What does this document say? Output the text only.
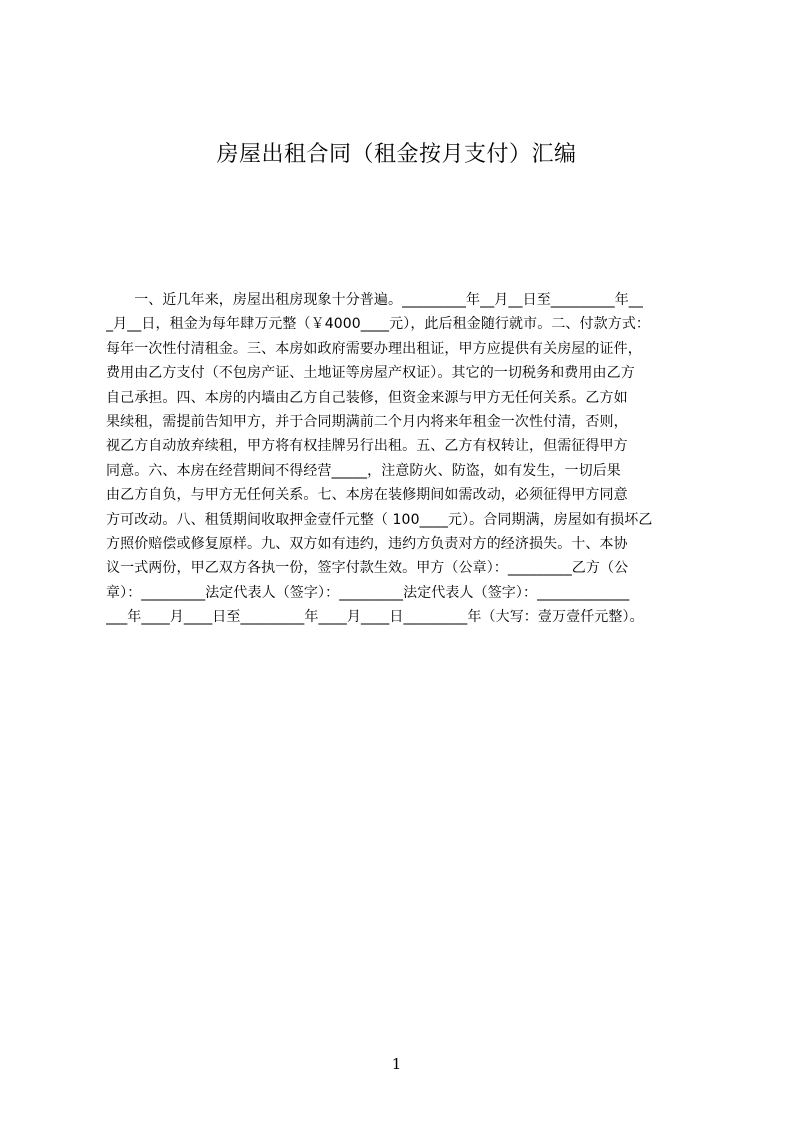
房屋出租合同（租金按月支付）汇编
　　一、近几年来，房屋出租房现象十分普遍。_________年__月__日至_________年__
_月__日，租金为每年肆万元整（￥4000____元），此后租金随行就市。二、付款方式：
每年一次性付清租金。三、本房如政府需要办理出租证，甲方应提供有关房屋的证件，
费用由乙方支付（不包房产证、土地证等房屋产权证）。其它的一切税务和费用由乙方
自己承担。四、本房的内墙由乙方自己装修，但资金来源与甲方无任何关系。乙方如
果续租，需提前告知甲方，并于合同期满前二个月内将来年租金一次性付清，否则，
视乙方自动放弃续租，甲方将有权挂牌另行出租。五、乙方有权转让，但需征得甲方
同意。六、本房在经营期间不得经营_____，注意防火、防盗，如有发生，一切后果
由乙方自负，与甲方无任何关系。七、本房在装修期间如需改动，必须征得甲方同意
方可改动。八、租赁期间收取押金壹仟元整（ 100____元）。合同期满，房屋如有损坏乙
方照价赔偿或修复原样。九、双方如有违约，违约方负责对方的经济损失。十、本协
议一式两份，甲乙双方各执一份，签字付款生效。甲方（公章）：_________乙方（公
章）：_________法定代表人（签字）：_________法定代表人（签字）：_____________
___年____月____日至_________年____月____日_________年（大写：壹万壹仟元整）。
1
